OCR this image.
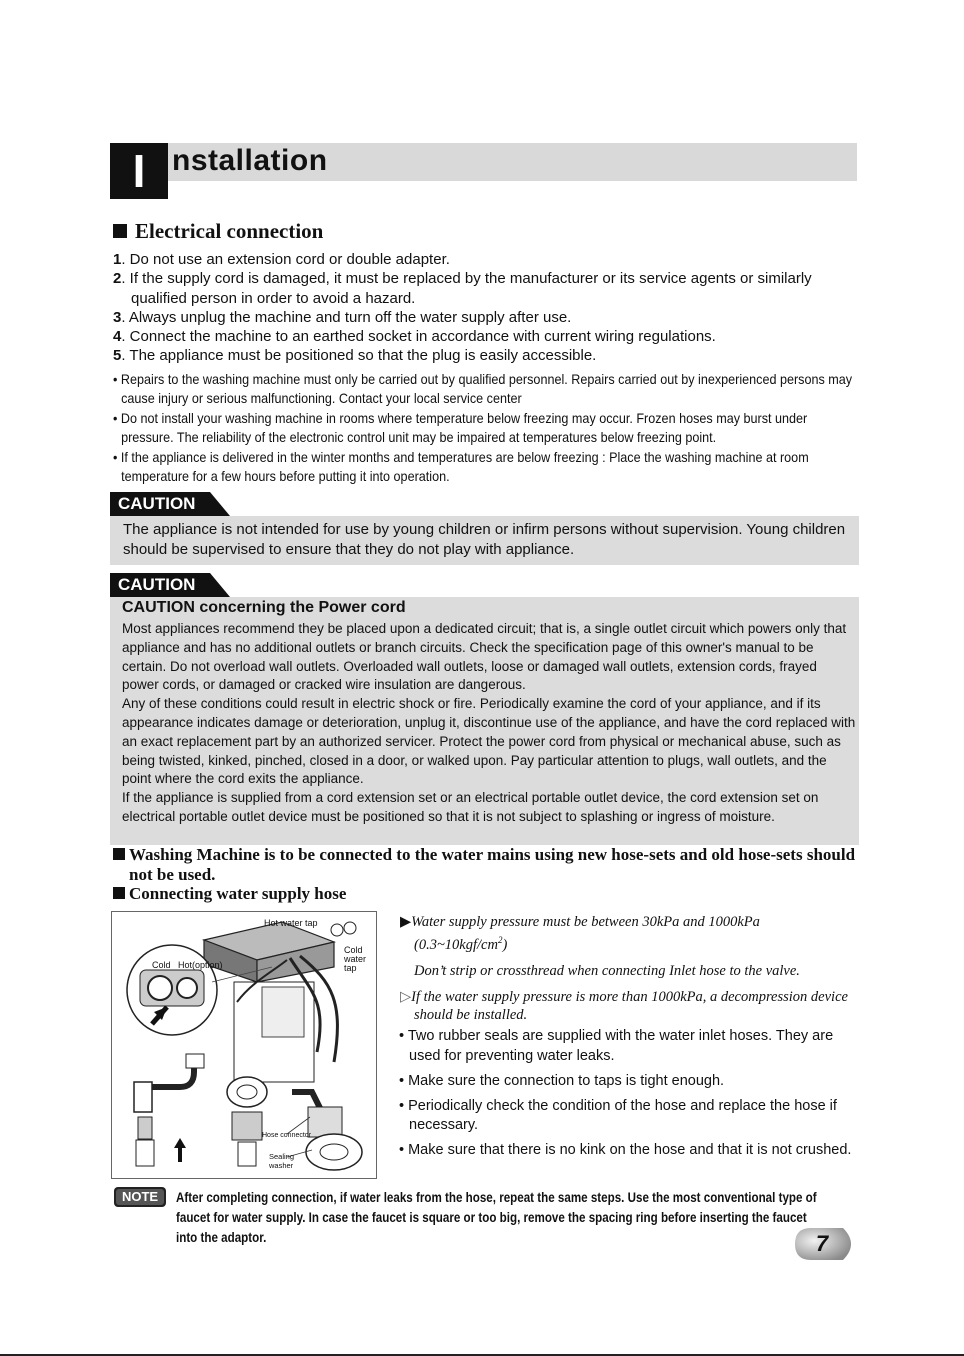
I nstallation
Electrical connection
1. Do not use an extension cord or double adapter.
2. If the supply cord is damaged, it must be replaced by the manufacturer or its service agents or similarly qualified person in order to avoid a hazard.
3. Always unplug the machine and turn off the water supply after use.
4. Connect the machine to an earthed socket in accordance with current wiring regulations.
5. The appliance must be positioned so that the plug is easily accessible.
• Repairs to the washing machine must only be carried out by qualified personnel. Repairs carried out by inexperienced persons may cause injury or serious malfunctioning. Contact your local service center
• Do not install your washing machine in rooms where temperature below freezing may occur. Frozen hoses may burst under pressure. The reliability of the electronic control unit may be impaired at temperatures below freezing point.
• If the appliance is delivered in the winter months and temperatures are below freezing : Place the washing machine at room temperature for a few hours before putting it into operation.
CAUTION
The appliance is not intended for use by young children or infirm persons without supervision. Young children should be supervised to ensure that they do not play with appliance.
CAUTION
CAUTION concerning the Power cord

Most appliances recommend they be placed upon a dedicated circuit; that is, a single outlet circuit which powers only that appliance and has no additional outlets or branch circuits. Check the specification page of this owner's manual to be certain. Do not overload wall outlets. Overloaded wall outlets, loose or damaged wall outlets, extension cords, frayed power cords, or damaged or cracked wire insulation are dangerous.

Any of these conditions could result in electric shock or fire. Periodically examine the cord of your appliance, and if its appearance indicates damage or deterioration, unplug it, discontinue use of the appliance, and have the cord replaced with an exact replacement part by an authorized servicer. Protect the power cord from physical or mechanical abuse, such as being twisted, kinked, pinched, closed in a door, or walked upon. Pay particular attention to plugs, wall outlets, and the point where the cord exits the appliance.

If the appliance is supplied from a cord extension set or an electrical portable outlet device, the cord extension set on electrical portable outlet device must be positioned so that it is not subject to splashing or ingress of moisture.

Washing Machine is to be connected to the water mains using new hose-sets and old hose-sets should not be used.
Connecting water supply hose
Hot water tap
Cold
water
tap
Cold Hot(option)
Hose connector
Sealing
washer

▶Water supply pressure must be between 30kPa and 1000kPa

$(0.3\sim 10kgf/cm^2)$

Don’t strip or crossthread when connecting Inlet hose to the valve.

▷If the water supply pressure is more than 1000kPa, a decompression device should be installed.

• Two rubber seals are supplied with the water inlet hoses. They are used for preventing water leaks.
• Make sure the connection to taps is tight enough.
• Periodically check the condition of the hose and replace the hose if necessary.
• Make sure that there is no kink on the hose and that it is not crushed.
NOTE	After completing connection, if water leaks from the hose, repeat the same steps. Use the most conventional type of faucet for water supply. In case the faucet is square or too big, remove the spacing ring before inserting the faucet into the adaptor.	7
